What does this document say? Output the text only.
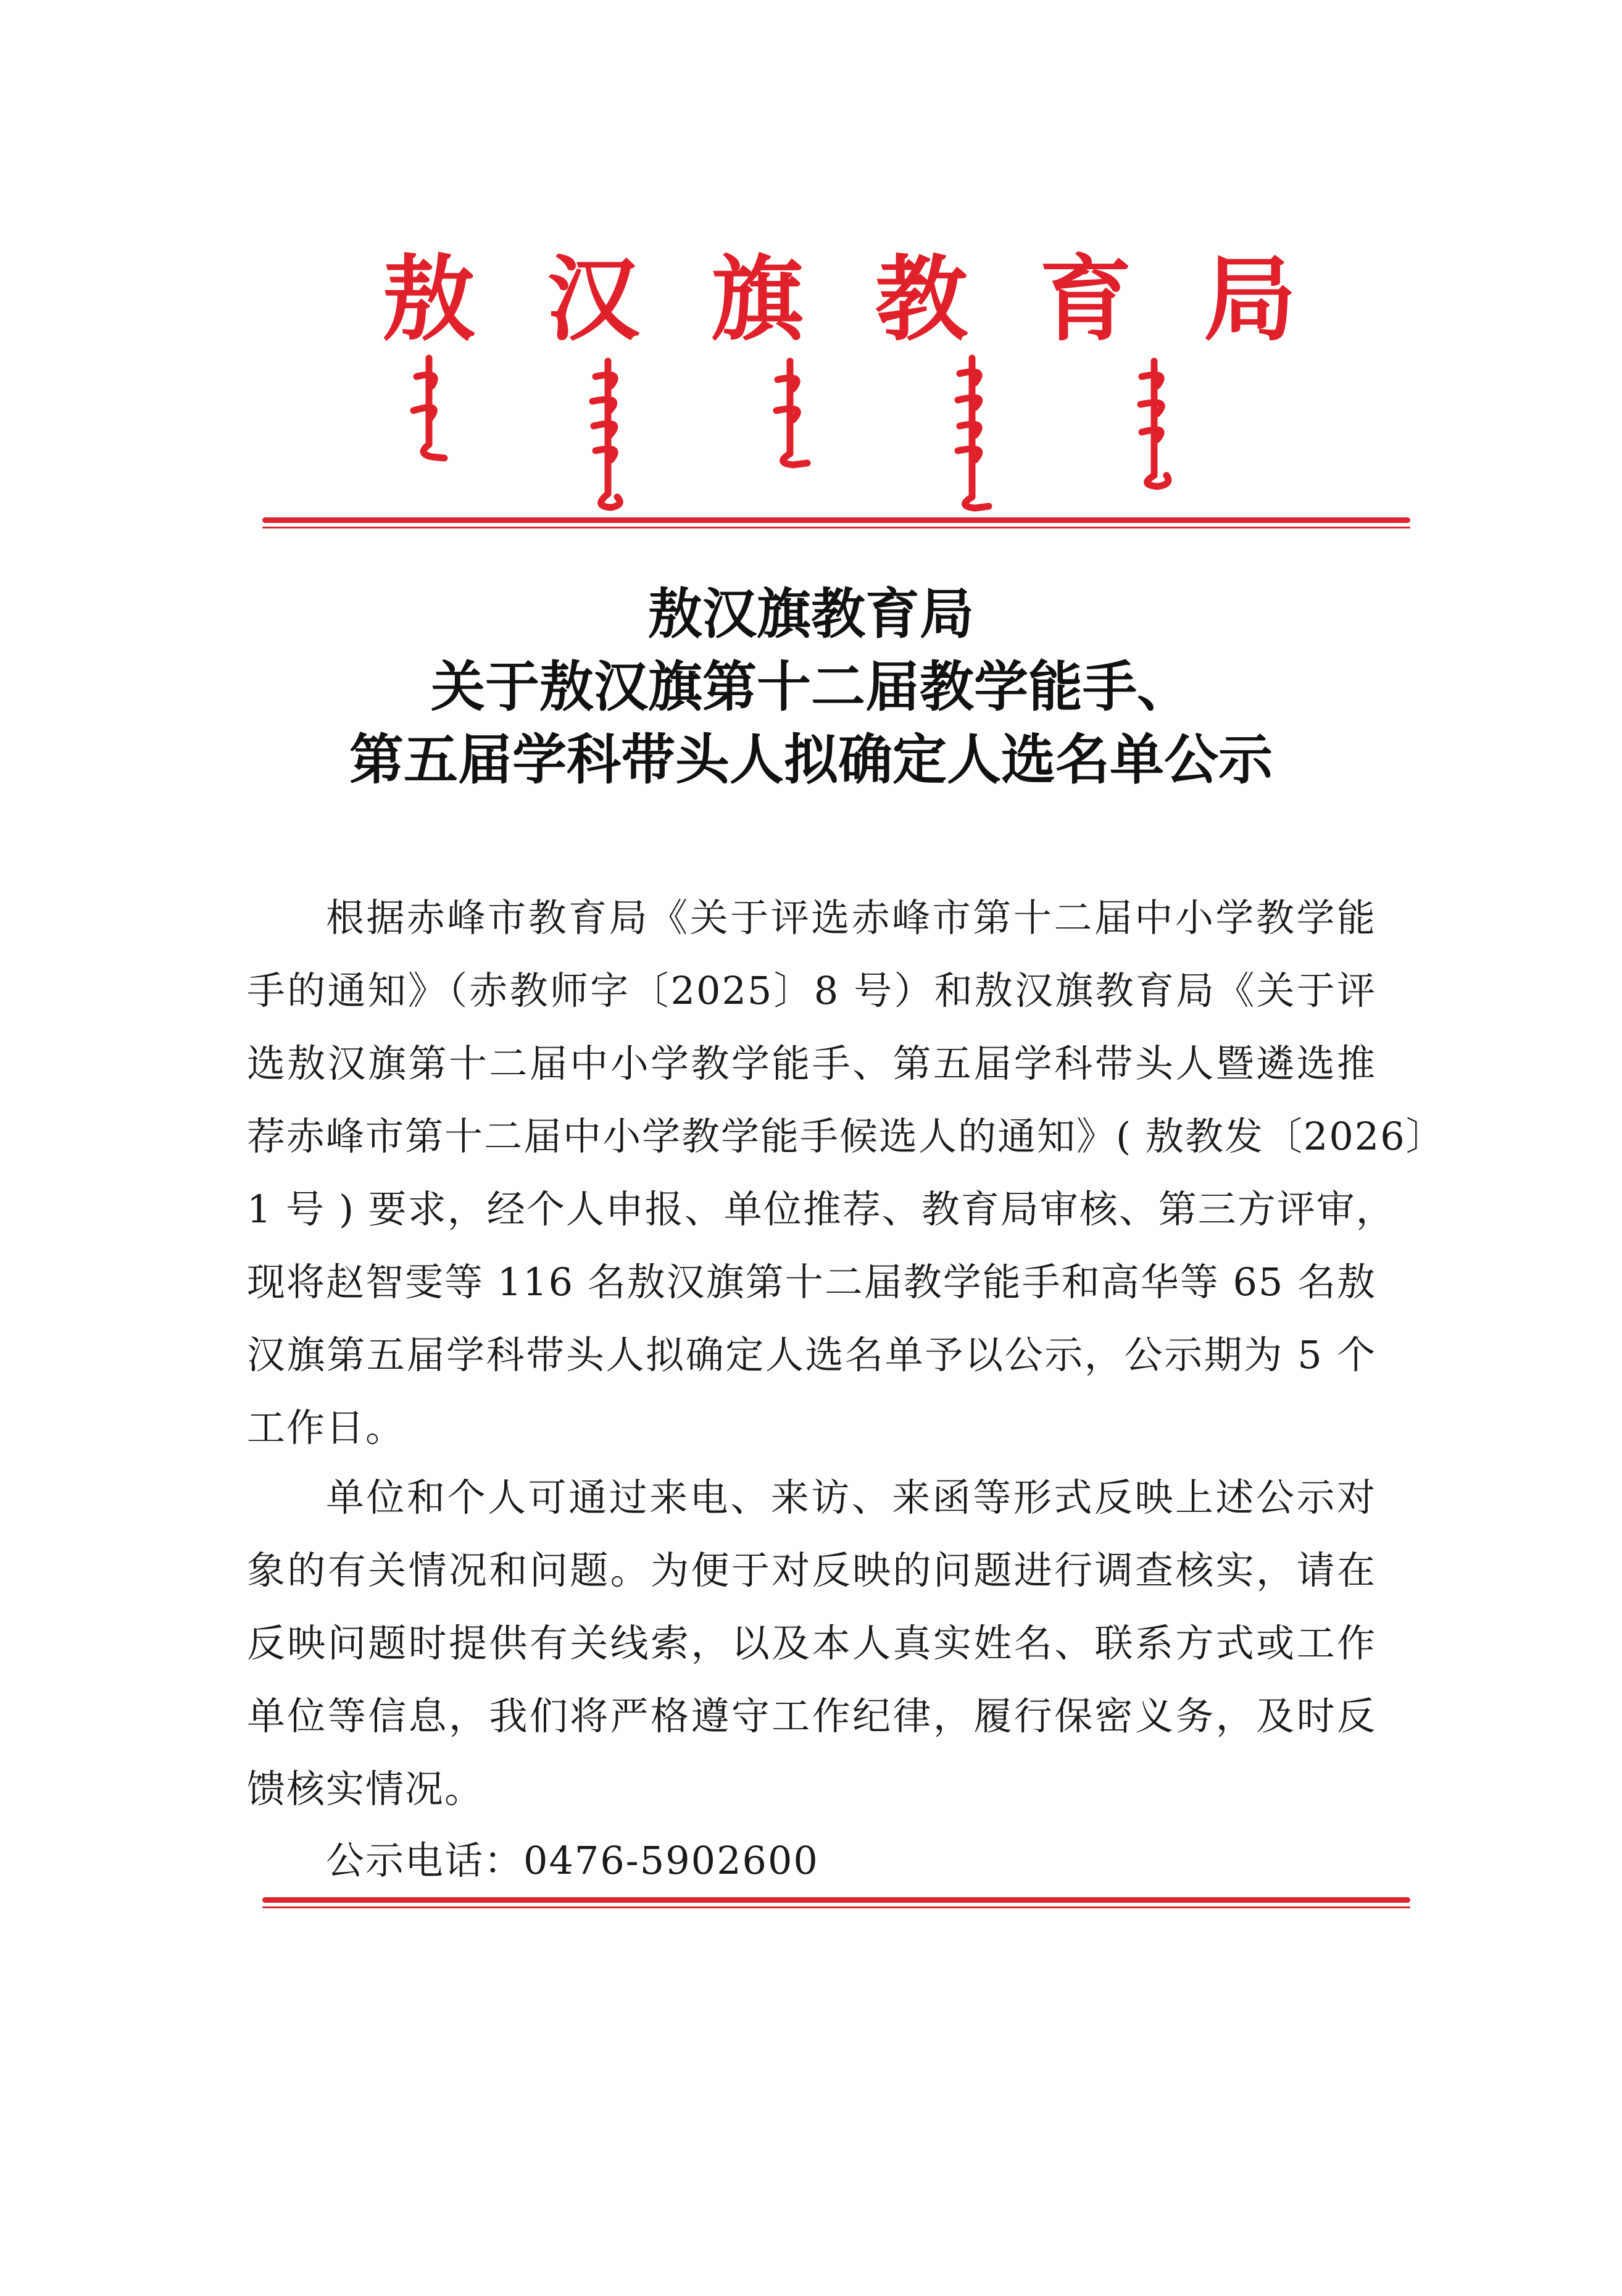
敖 汉 旗 教 育 局
敖汉旗教育局
关于敖汉旗第十二届教学能手、
第五届学科带头人拟确定人选名单公示
根据赤峰市教育局《关于评选赤峰市第十二届中小学教学能
手的通知》（赤教师字〔2025〕8 号）和敖汉旗教育局《关于评
选敖汉旗第十二届中小学教学能手、第五届学科带头人暨遴选推
荐赤峰市第十二届中小学教学能手候选人的通知》( 敖教发〔2026〕
1 号 ) 要求，经个人申报、单位推荐、教育局审核、第三方评审，
现将赵智雯等 116 名敖汉旗第十二届教学能手和高华等 65 名敖
汉旗第五届学科带头人拟确定人选名单予以公示，公示期为 5 个
工作日。
单位和个人可通过来电、来访、来函等形式反映上述公示对
象的有关情况和问题。为便于对反映的问题进行调查核实，请在
反映问题时提供有关线索，以及本人真实姓名、联系方式或工作
单位等信息，我们将严格遵守工作纪律，履行保密义务，及时反
馈核实情况。
公示电话：0476-5902600
